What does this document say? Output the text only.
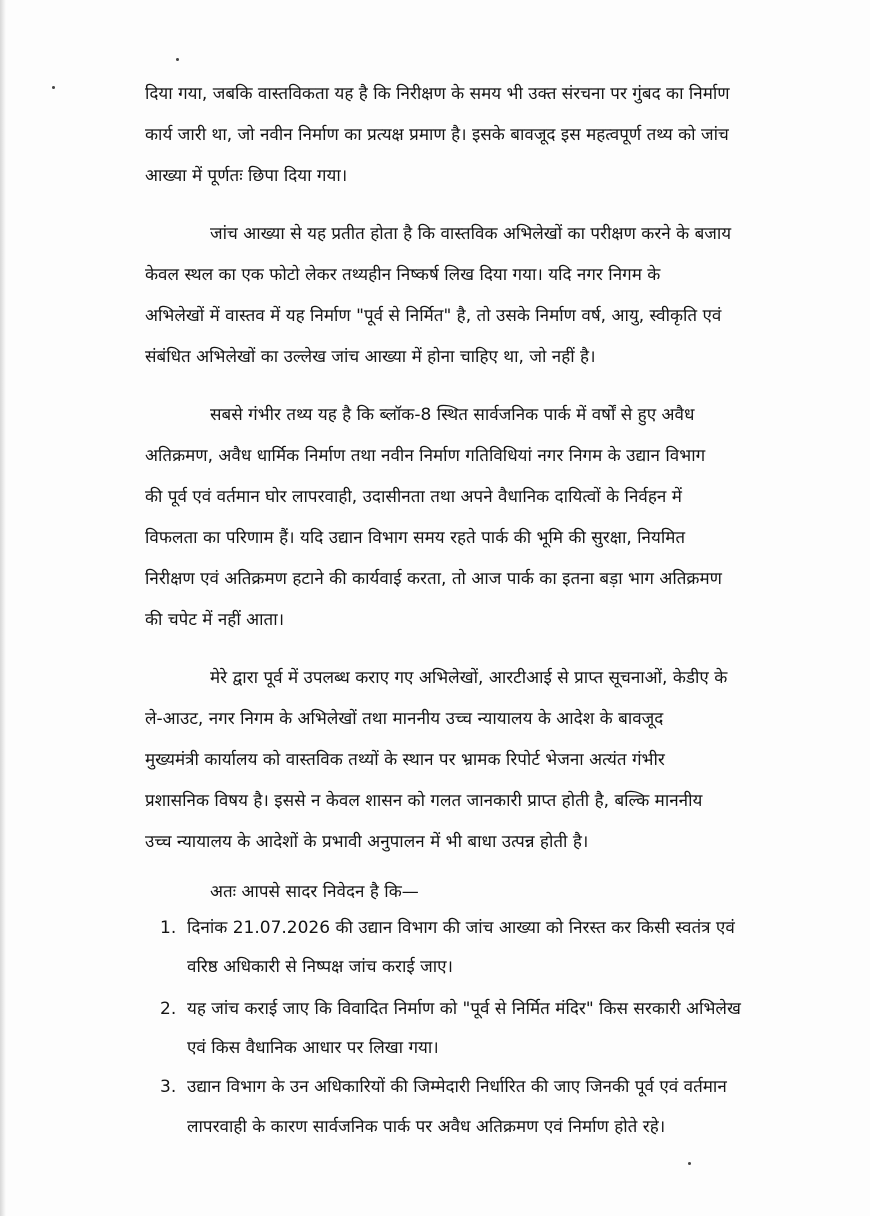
दिया गया, जबकि वास्तविकता यह है कि निरीक्षण के समय भी उक्त संरचना पर गुंबद का निर्माण
कार्य जारी था, जो नवीन निर्माण का प्रत्यक्ष प्रमाण है। इसके बावजूद इस महत्वपूर्ण तथ्य को जांच
आख्या में पूर्णतः छिपा दिया गया।
जांच आख्या से यह प्रतीत होता है कि वास्तविक अभिलेखों का परीक्षण करने के बजाय
केवल स्थल का एक फोटो लेकर तथ्यहीन निष्कर्ष लिख दिया गया। यदि नगर निगम के
अभिलेखों में वास्तव में यह निर्माण "पूर्व से निर्मित" है, तो उसके निर्माण वर्ष, आयु, स्वीकृति एवं
संबंधित अभिलेखों का उल्लेख जांच आख्या में होना चाहिए था, जो नहीं है।
सबसे गंभीर तथ्य यह है कि ब्लॉक-8 स्थित सार्वजनिक पार्क में वर्षों से हुए अवैध
अतिक्रमण, अवैध धार्मिक निर्माण तथा नवीन निर्माण गतिविधियां नगर निगम के उद्यान विभाग
की पूर्व एवं वर्तमान घोर लापरवाही, उदासीनता तथा अपने वैधानिक दायित्वों के निर्वहन में
विफलता का परिणाम हैं। यदि उद्यान विभाग समय रहते पार्क की भूमि की सुरक्षा, नियमित
निरीक्षण एवं अतिक्रमण हटाने की कार्यवाई करता, तो आज पार्क का इतना बड़ा भाग अतिक्रमण
की चपेट में नहीं आता।
मेरे द्वारा पूर्व में उपलब्ध कराए गए अभिलेखों, आरटीआई से प्राप्त सूचनाओं, केडीए के
ले-आउट, नगर निगम के अभिलेखों तथा माननीय उच्च न्यायालय के आदेश के बावजूद
मुख्यमंत्री कार्यालय को वास्तविक तथ्यों के स्थान पर भ्रामक रिपोर्ट भेजना अत्यंत गंभीर
प्रशासनिक विषय है। इससे न केवल शासन को गलत जानकारी प्राप्त होती है, बल्कि माननीय
उच्च न्यायालय के आदेशों के प्रभावी अनुपालन में भी बाधा उत्पन्न होती है।
अतः आपसे सादर निवेदन है कि—
1. दिनांक 21.07.2026 की उद्यान विभाग की जांच आख्या को निरस्त कर किसी स्वतंत्र एवं
वरिष्ठ अधिकारी से निष्पक्ष जांच कराई जाए।
2. यह जांच कराई जाए कि विवादित निर्माण को "पूर्व से निर्मित मंदिर" किस सरकारी अभिलेख
एवं किस वैधानिक आधार पर लिखा गया।
3. उद्यान विभाग के उन अधिकारियों की जिम्मेदारी निर्धारित की जाए जिनकी पूर्व एवं वर्तमान
लापरवाही के कारण सार्वजनिक पार्क पर अवैध अतिक्रमण एवं निर्माण होते रहे।
